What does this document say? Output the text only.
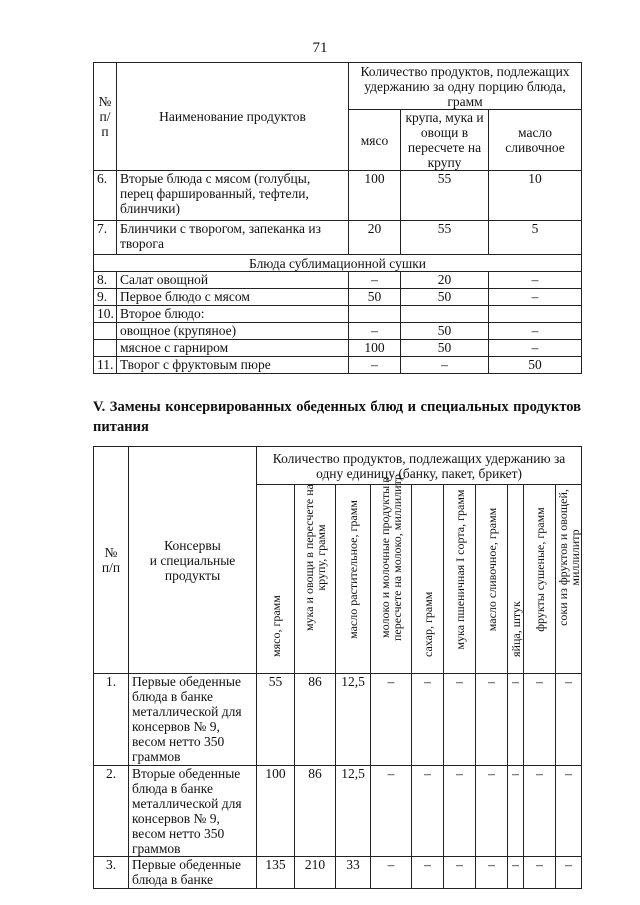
71
№
п/п	Наименование продуктов	Количество продуктов, подлежащих удержанию за одну порцию блюда, грамм		
		мясо	крупа, мука и овощи в пересчете на крупу	масло сливочное
6.	Вторые блюда с мясом (голубцы, перец фаршированный, тефтели, блинчики)	100	55	10
7.	Блинчики с творогом, запеканка из творога	20	55	5
Блюда сублимационной сушки				
8.	Салат овощной	–	20	–
9.	Первое блюдо с мясом	50	50	–
10.	Второе блюдо:			
	овощное (крупяное)	–	50	–
	мясное с гарниром	100	50	–
11.	Творог с фруктовым пюре	–	–	50
V. Замены консервированных обеденных блюд и специальных продуктов питания
№
п/п	Консервы
и специальные
продукты	Количество продуктов, подлежащих удержанию за одну единицу (банку, пакет, брикет)									

		мясо, грамм	мука и овощи в пересчете на крупу, грамм	масло растительное, грамм	молоко и молочные продукты в пересчете на молоко, миллилитр	сахар, грамм	мука пшеничная I сорта, грамм	масло сливочное, грамм	яйца, штук	фрукты сушеные, грамм	соки из фруктов и овощей, миллилитр

1.	Первые обеденные блюда в банке металлической для консервов № 9, весом нетто 350 граммов	55	86	12,5	–	–	–	–	–	–	–
2.	Вторые обеденные блюда в банке металлической для консервов № 9, весом нетто 350 граммов	100	86	12,5	–	–	–	–	–	–	–
3.	Первые обеденные блюда в банке	135	210	33	–	–	–	–	–	–	–
